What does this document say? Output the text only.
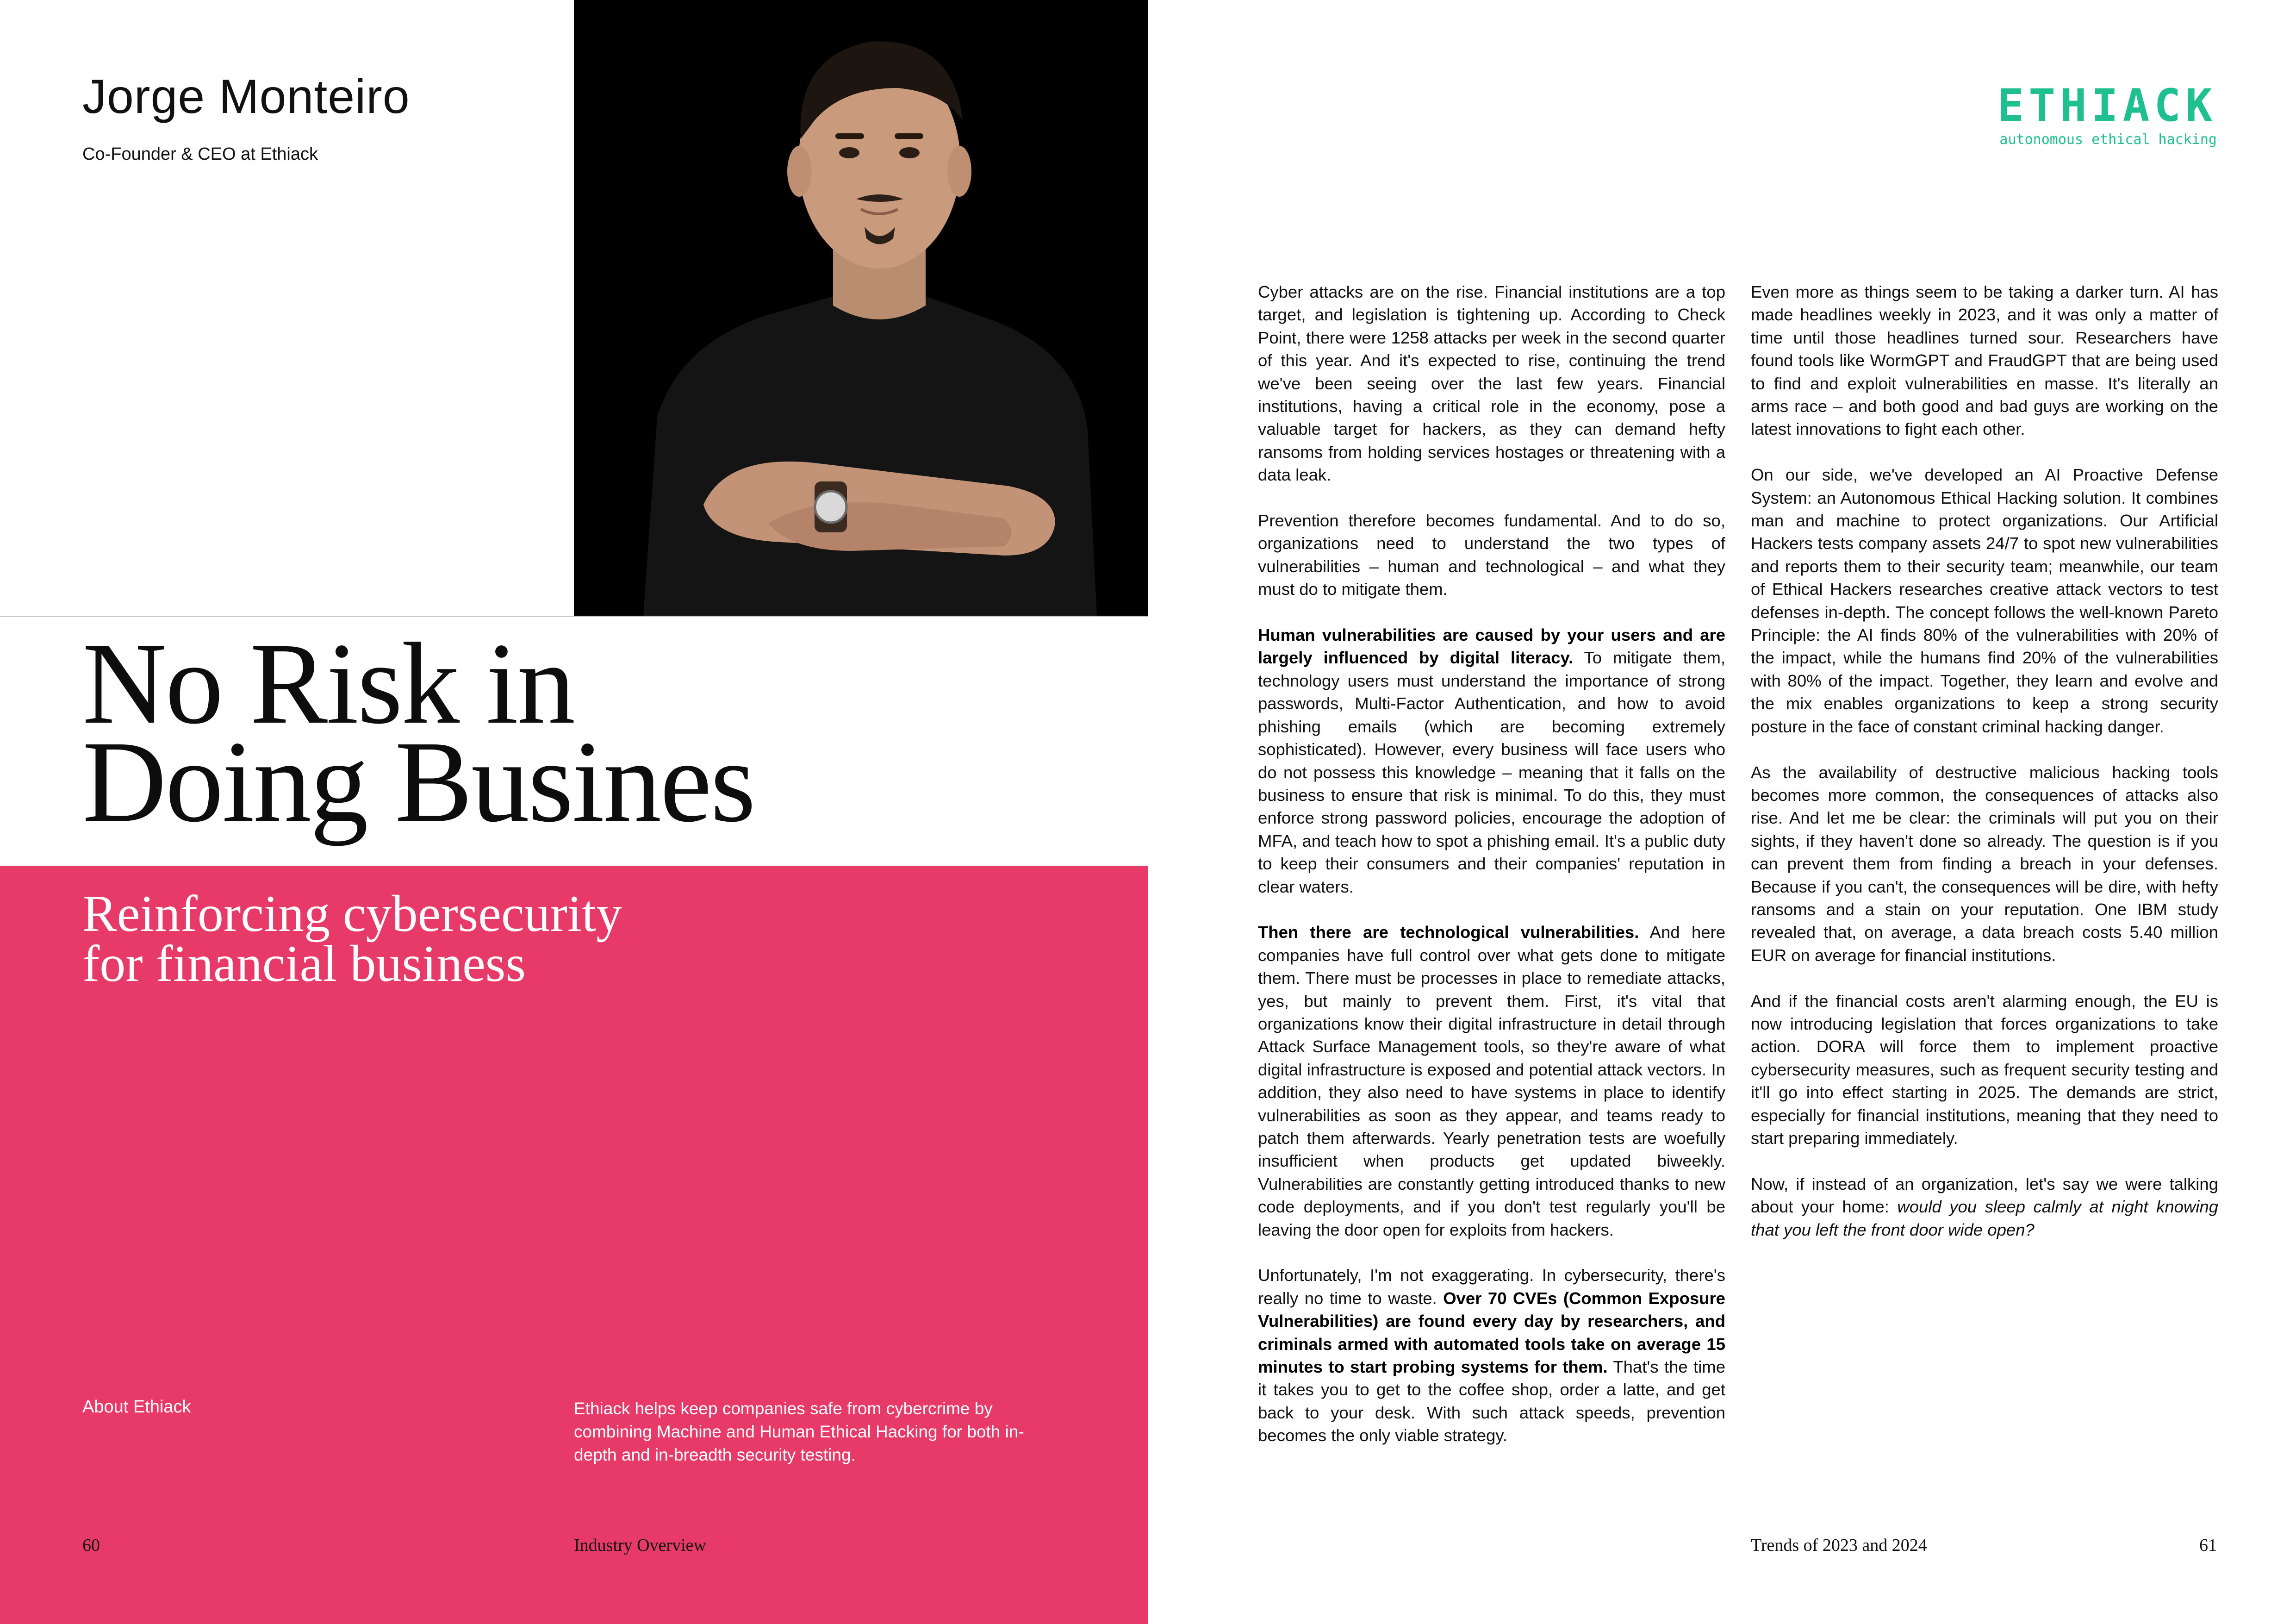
Jorge Monteiro
Co-Founder & CEO at Ethiack
No Risk in
Doing Busines
Reinforcing cybersecurity
for financial business
About Ethiack	Ethiack helps keep companies safe from cybercrime by combining Machine and Human Ethical Hacking for both in-depth and in-breadth security testing.
60	Industry Overview
ETHIACK
autonomous ethical hacking

Cyber attacks are on the rise. Financial institutions are a top target, and legislation is tightening up. According to Check Point, there were 1258 attacks per week in the second quarter of this year. And it's expected to rise, continuing the trend we've been seeing over the last few years. Financial institutions, having a critical role in the economy, pose a valuable target for hackers, as they can demand hefty ransoms from holding services hostages or threatening with a data leak.

Prevention therefore becomes fundamental. And to do so, organizations need to understand the two types of vulnerabilities – human and technological – and what they must do to mitigate them.

Human vulnerabilities are caused by your users and are largely influenced by digital literacy. To mitigate them, technology users must understand the importance of strong passwords, Multi-Factor Authentication, and how to avoid phishing emails (which are becoming extremely sophisticated). However, every business will face users who do not possess this knowledge – meaning that it falls on the business to ensure that risk is minimal. To do this, they must enforce strong password policies, encourage the adoption of MFA, and teach how to spot a phishing email. It's a public duty to keep their consumers and their companies' reputation in clear waters.

Then there are technological vulnerabilities. And here companies have full control over what gets done to mitigate them. There must be processes in place to remediate attacks, yes, but mainly to prevent them. First, it's vital that organizations know their digital infrastructure in detail through Attack Surface Management tools, so they're aware of what digital infrastructure is exposed and potential attack vectors. In addition, they also need to have systems in place to identify vulnerabilities as soon as they appear, and teams ready to patch them afterwards. Yearly penetration tests are woefully insufficient when products get updated biweekly. Vulnerabilities are constantly getting introduced thanks to new code deployments, and if you don't test regularly you'll be leaving the door open for exploits from hackers.

Unfortunately, I'm not exaggerating. In cybersecurity, there's really no time to waste. Over 70 CVEs (Common Exposure Vulnerabilities) are found every day by researchers, and criminals armed with automated tools take on average 15 minutes to start probing systems for them. That's the time it takes you to get to the coffee shop, order a latte, and get back to your desk. With such attack speeds, prevention becomes the only viable strategy.

Even more as things seem to be taking a darker turn. AI has made headlines weekly in 2023, and it was only a matter of time until those headlines turned sour. Researchers have found tools like WormGPT and FraudGPT that are being used to find and exploit vulnerabilities en masse. It's literally an arms race – and both good and bad guys are working on the latest innovations to fight each other.

On our side, we've developed an AI Proactive Defense System: an Autonomous Ethical Hacking solution. It combines man and machine to protect organizations. Our Artificial Hackers tests company assets 24/7 to spot new vulnerabilities and reports them to their security team; meanwhile, our team of Ethical Hackers researches creative attack vectors to test defenses in-depth. The concept follows the well-known Pareto Principle: the AI finds 80% of the vulnerabilities with 20% of the impact, while the humans find 20% of the vulnerabilities with 80% of the impact. Together, they learn and evolve and the mix enables organizations to keep a strong security posture in the face of constant criminal hacking danger.

As the availability of destructive malicious hacking tools becomes more common, the consequences of attacks also rise. And let me be clear: the criminals will put you on their sights, if they haven't done so already. The question is if you can prevent them from finding a breach in your defenses. Because if you can't, the consequences will be dire, with hefty ransoms and a stain on your reputation. One IBM study revealed that, on average, a data breach costs 5.40 million EUR on average for financial institutions.

And if the financial costs aren't alarming enough, the EU is now introducing legislation that forces organizations to take action. DORA will force them to implement proactive cybersecurity measures, such as frequent security testing and it'll go into effect starting in 2025. The demands are strict, especially for financial institutions, meaning that they need to start preparing immediately.

Now, if instead of an organization, let's say we were talking about your home: would you sleep calmly at night knowing that you left the front door wide open?

Trends of 2023 and 2024	61
